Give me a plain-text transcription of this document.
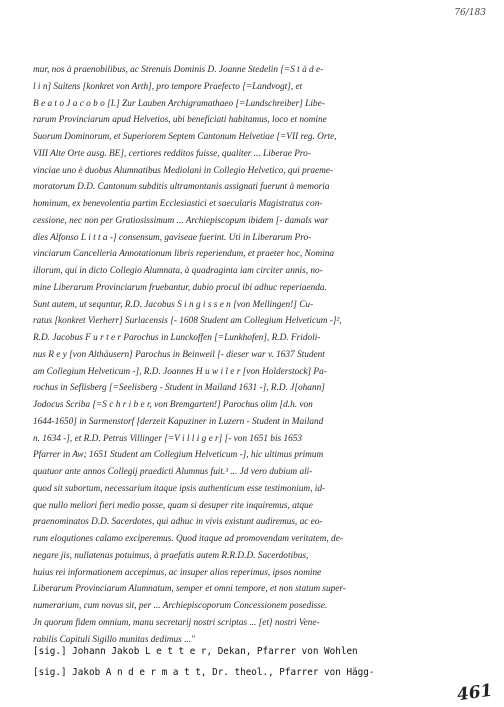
76/183
mur, nos à praenobilibus, ac Strenuis Dominis D. Joanne Stedelin [=S t ä d e-
l i n] Suitens [konkret von Arth], pro tempore Praefecto [=Landvogt], et
B e a t o J a c o b o [I.] Zur Lauben Archigramathaeo [=Landschreiber] Libe-
rarum Provinciarum apud Helvetios, ubi beneficiati habitamus, loco et nomine
Suorum Dominorum, et Superiorem Septem Cantonum Helvetiae [=VII reg. Orte,
VIII Alte Orte ausg. BE], certiores redditos fuisse, qualiter ... Liberae Pro-
vinciae uno è duobus Alumnatibus Mediolani in Collegio Helvetico, qui praeme-
moratorum D.D. Cantonum subditis ultramontanis assignati fuerunt à memoria
hominum, ex benevolentia partim Ecclesiastici et saecularis Magistratus con-
cessione, nec non per Gratiosissimum ... Archiepiscopum ibidem [- damals war
dies Alfonso L i t t a -] consensum, gaviseae fuerint. Uti in Liberarum Pro-
vinciarum Cancelleria Annotationum libris reperiendum, et praeter hoc, Nomina
illorum, qui in dicto Collegio Alumnata, à quadraginta iam circiter annis, no-
mine Liberarum Provinciarum fruebantur, dubio procul ibi adhuc reperiaenda.
Sunt autem, ut sequntur, R.D. Jacobus S i n g i s s e n [von Mellingen!] Cu-
ratus [konkret Vierherr] Surlacensis [- 1608 Student am Collegium Helveticum -]²,
R.D. Jacobus F u r t e r Parochus in Lunckoffen [=Lunkhofen], R.D. Fridoli-
nus R e y [von Althäusern] Parochus in Beinweil [- dieser war v. 1637 Student
am Collegium Helveticum -], R.D. Joannes H u w i l e r [von Holderstock] Pa-
rochus in Seflisberg [=Seelisberg - Student in Mailand 1631 -], R.D. J[ohann]
Jodocus Scriba [=S c h r i b e r, von Bremgarten!] Parochus olim [d.h. von
1644-1650] in Sarmenstorf [derzeit Kapuziner in Luzern - Student in Mailand
n. 1634 -], et R.D. Petrus Villinger [=V i l l i g e r] [- von 1651 bis 1653
Pfarrer in Aw; 1651 Student am Collegium Helveticum -], hic ultimus primum
quatuor ante annos Collegij praedicti Alumnus fuit.³ ... Jd vero dubium ali-
quod sit subortum, necessarium itaque ipsis authenticum esse testimonium, id-
que nullo meliori fieri medio posse, quam si desuper rite inquiremus, atque
praenominatos D.D. Sacerdotes, qui adhuc in vivis existunt audiremus, ac eo-
rum eloqutiones calamo exciperemus. Quod itaque ad promovendam veritatem, de-
negare jis, nullatenus potuimus, à praefatis autem R.R.D.D. Sacerdotibus,
huius rei informationem accepimus, ac insuper alios reperimus, ipsos nomine
Liberarum Provinciarum Alumnatum, semper et omni tempore, et non statum super-
numerarium, cum novus sit, per ... Archiepiscoporum Concessionem posedisse.
Jn quorum fidem omnium, manu secretarij nostri scriptas ... [et] nostri Vene-
rabilis Capituli Sigillo munitas dedimus ..."
[sig.] Johann Jakob L e t t e r, Dekan, Pfarrer von Wohlen
[sig.] Jakob A n d e r m a t t, Dr. theol., Pfarrer von Hägg-
461
